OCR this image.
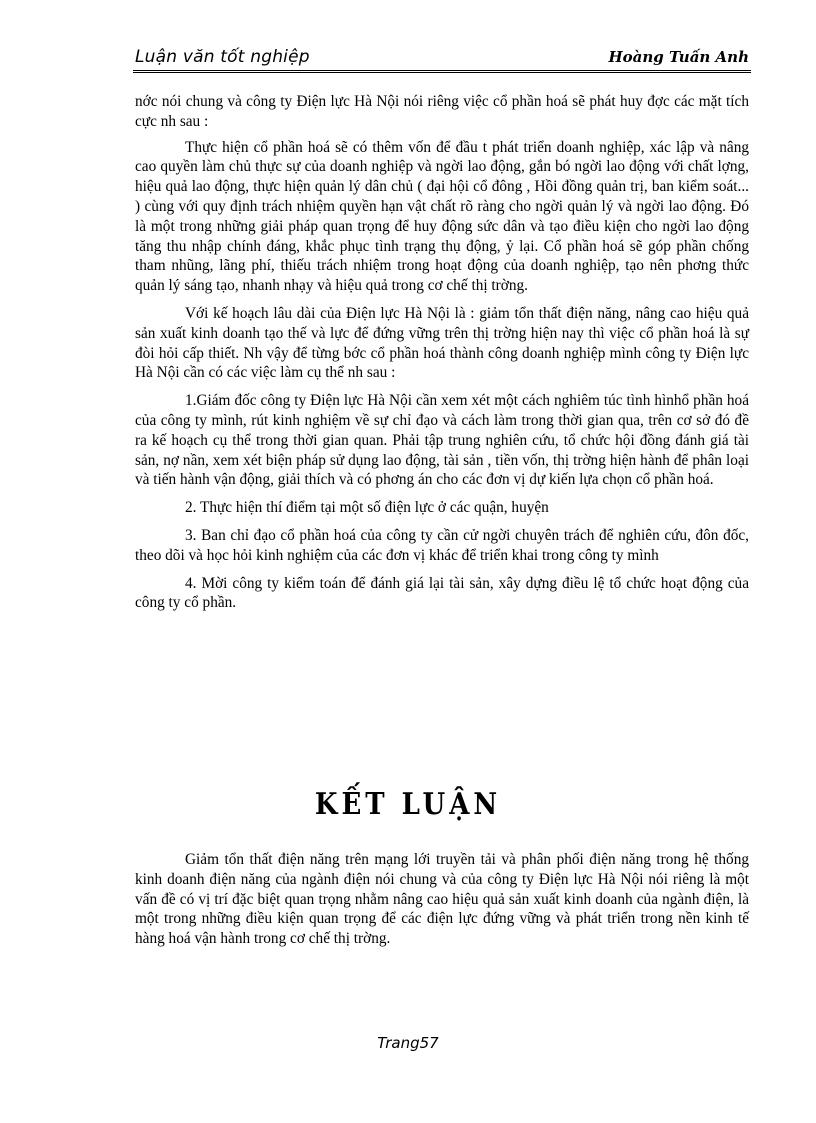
Luận văn tốt nghiệp	Hoàng Tuấn Anh

nớc nói chung và công ty Điện lực Hà Nội nói riêng việc cổ phần hoá sẽ phát huy đợc các mặt tích cực nh sau :

Thực hiện cổ phần hoá sẽ có thêm vốn để đầu t phát triển doanh nghiệp, xác lập và nâng cao quyền làm chủ thực sự của doanh nghiệp và ngời lao động, gắn bó ngời lao động với chất lợng, hiệu quả lao động, thực hiện quản lý dân chủ ( đại hội cổ đông , Hồi đồng quản trị, ban kiểm soát... ) cùng với quy định trách nhiệm quyền hạn vật chất rõ ràng cho ngời quản lý và ngời lao động. Đó là một trong những giải pháp quan trọng để huy động sức dân và tạo điều kiện cho ngời lao động tăng thu nhập chính đáng, khắc phục tình trạng thụ động, ỷ lại. Cổ phần hoá sẽ góp phần chống tham nhũng, lãng phí, thiếu trách nhiệm trong hoạt động của doanh nghiệp, tạo nên phơng thức quản lý sáng tạo, nhanh nhạy và hiệu quả trong cơ chế thị trờng.

Với kế hoạch lâu dài của Điện lực Hà Nội là : giảm tổn thất điện năng, nâng cao hiệu quả sản xuất kinh doanh tạo thế và lực để đứng vững trên thị trờng hiện nay thì việc cổ phần hoá là sự đòi hỏi cấp thiết. Nh vậy để từng bớc cổ phần hoá thành công doanh nghiệp mình công ty Điện lực Hà Nội cần có các việc làm cụ thể nh sau :

1.Giám đốc công ty Điện lực Hà Nội cần xem xét một cách nghiêm túc tình hìnhổ phần hoá của công ty mình, rút kinh nghiệm về sự chỉ đạo và cách làm trong thời gian qua, trên cơ sở đó đề ra kế hoạch cụ thể trong thời gian quan. Phải tập trung nghiên cứu, tổ chức hội đồng đánh giá tài sản, nợ nần, xem xét biện pháp sử dụng lao động, tài sản , tiền vốn, thị trờng hiện hành để phân loại và tiến hành vận động, giải thích và có phơng án cho các đơn vị dự kiến lựa chọn cổ phần hoá.

2. Thực hiện thí điểm tại một số điện lực ở các quận, huyện

3. Ban chỉ đạo cổ phần hoá của công ty cần cử ngời chuyên trách để nghiên cứu, đôn đốc, theo dõi và học hỏi kinh nghiệm của các đơn vị khác để triển khai trong công ty mình

4. Mời công ty kiểm toán để đánh giá lại tài sản, xây dựng điều lệ tổ chức hoạt động của công ty cổ phần.

KẾT LUẬN

Giảm tổn thất điện năng trên mạng lới truyền tải và phân phối điện năng trong hệ thống kinh doanh điện năng của ngành điện nói chung và của công ty Điện lực Hà Nội nói riêng là một vấn đề có vị trí đặc biệt quan trọng nhằm nâng cao hiệu quả sản xuất kinh doanh của ngành điện, là một trong những điều kiện quan trọng để các điện lực đứng vững và phát triển trong nền kinh tế hàng hoá vận hành trong cơ chế thị trờng.

Trang57
